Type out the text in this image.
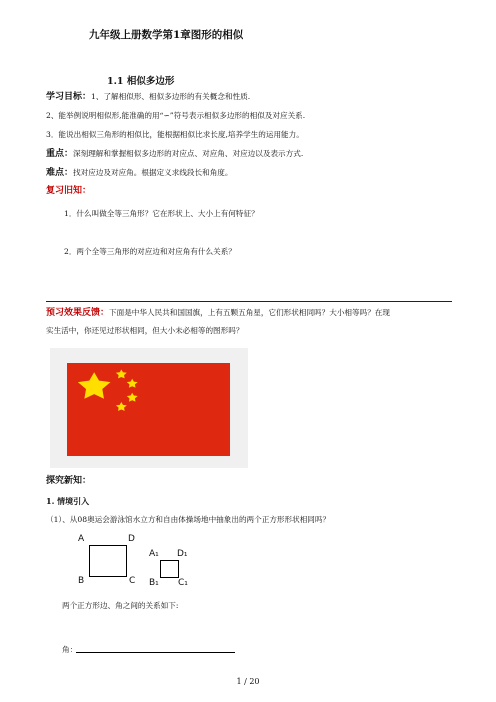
九年级上册数学第1章图形的相似
1.1 相似多边形
学习目标：1、了解相似形、相似多边形的有关概念和性质.
2、能举例说明相似形,能准确的用“∽”符号表示相似多边形的相似及对应关系.
3．能说出相似三角形的相似比，能根据相似比求长度,培养学生的运用能力。
重点：深刻理解和掌握相似多边形的对应点、对应角、对应边以及表示方式.
难点：找对应边及对应角。根据定义求线段长和角度。
复习旧知：
1．什么叫做全等三角形？它在形状上、大小上有何特征？
2．两个全等三角形的对应边和对应角有什么关系？
预习效果反馈：下面是中华人民共和国国旗，上有五颗五角星，它们形状相同吗？大小相等吗？在现
实生活中，你还见过形状相同，但大小未必相等的图形吗？
探究新知：
1. 情境引入
（1）、从08奥运会游泳馆水立方和自由体操场地中抽象出的两个正方形形状相同吗？
A	D
B	C
A₁ D₁
B₁ C₁
两个正方形边、角之间的关系如下:
角：
1 / 20
